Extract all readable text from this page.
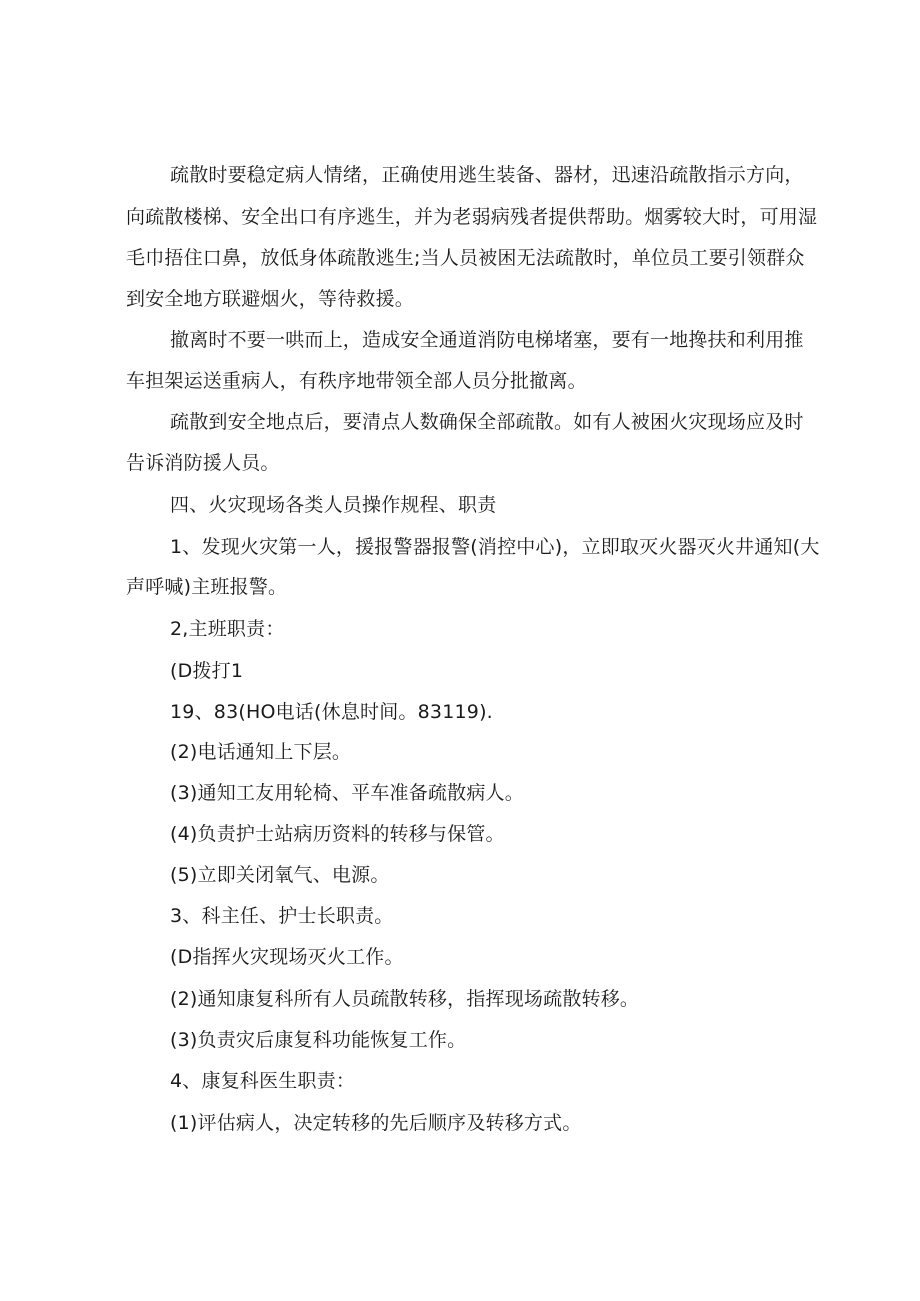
疏散时要稳定病人情绪，正确使用逃生装备、器材，迅速沿疏散指示方向，
向疏散楼梯、安全出口有序逃生，并为老弱病残者提供帮助。烟雾较大时，可用湿
毛巾捂住口鼻，放低身体疏散逃生;当人员被困无法疏散时，单位员工要引领群众
到安全地方联避烟火，等待救援。
撤离时不要一哄而上，造成安全通道消防电梯堵塞，要有一地搀扶和利用推
车担架运送重病人，有秩序地带领全部人员分批撤离。
疏散到安全地点后，要清点人数确保全部疏散。如有人被困火灾现场应及时
告诉消防援人员。
四、火灾现场各类人员操作规程、职责
1、发现火灾第一人，援报警器报警(消控中心)，立即取灭火器灭火井通知(大
声呼喊)主班报警。
2,主班职责：
(D拨打1
19、83(HO电话(休息时间。83119).
(2)电话通知上下层。
(3)通知工友用轮椅、平车准备疏散病人。
(4)负责护士站病历资料的转移与保管。
(5)立即关闭氧气、电源。
3、科主任、护士长职责。
(D指挥火灾现场灭火工作。
(2)通知康复科所有人员疏散转移，指挥现场疏散转移。
(3)负责灾后康复科功能恢复工作。
4、康复科医生职责：
(1)评估病人，决定转移的先后顺序及转移方式。
